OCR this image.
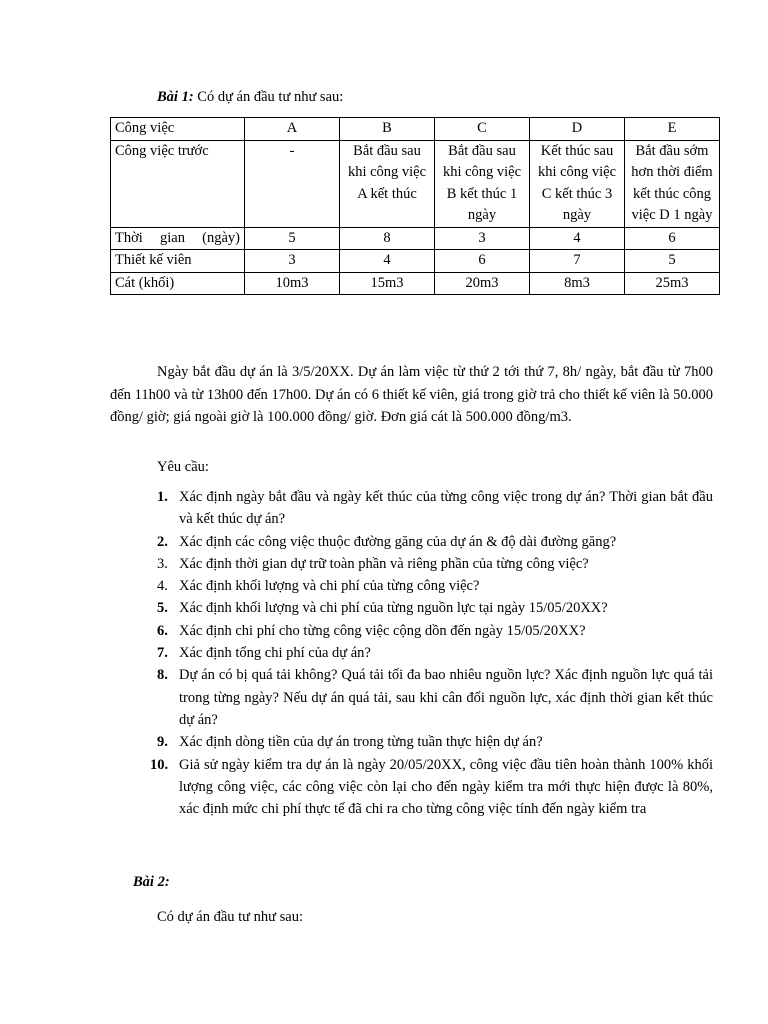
Bài 1: Có dự án đầu tư như sau:
Công việc	A	B	C	D	E
Công việc trước	-	Bắt đầu sau khi công việc A kết thúc	Bắt đầu sau khi công việc B kết thúc 1 ngày	Kết thúc sau khi công việc C kết thúc 3 ngày	Bắt đầu sớm hơn thời điểm kết thúc công việc D 1 ngày
Thời gian (ngày)	5	8	3	4	6
Thiết kế viên	3	4	6	7	5
Cát (khối)	10m3	15m3	20m3	8m3	25m3
Ngày bắt đầu dự án là 3/5/20XX. Dự án làm việc từ thứ 2 tới thứ 7, 8h/ ngày, bắt đầu từ 7h00 đến 11h00 và từ 13h00 đến 17h00. Dự án có 6 thiết kế viên, giá trong giờ trả cho thiết kế viên là 50.000 đồng/ giờ; giá ngoài giờ là 100.000 đồng/ giờ. Đơn giá cát là 500.000 đồng/m3.
Yêu cầu:
1. Xác định ngày bắt đầu và ngày kết thúc của từng công việc trong dự án? Thời gian bắt đầu và kết thúc dự án?
2. Xác định các công việc thuộc đường găng của dự án & độ dài đường găng?
3. Xác định thời gian dự trữ toàn phần và riêng phần của từng công việc?
4. Xác định khối lượng và chi phí của từng công việc?
5. Xác định khối lượng và chi phí của từng nguồn lực tại ngày 15/05/20XX?
6. Xác định chi phí cho từng công việc cộng dồn đến ngày 15/05/20XX?
7. Xác định tổng chi phí của dự án?
8. Dự án có bị quá tải không? Quá tải tối đa bao nhiêu nguồn lực? Xác định nguồn lực quá tải trong từng ngày? Nếu dự án quá tải, sau khi cân đối nguồn lực, xác định thời gian kết thúc dự án?
9. Xác định dòng tiền của dự án trong từng tuần thực hiện dự án?
10. Giả sử ngày kiểm tra dự án là ngày 20/05/20XX, công việc đầu tiên hoàn thành 100% khối lượng công việc, các công việc còn lại cho đến ngày kiểm tra mới thực hiện được là 80%, xác định mức chi phí thực tế đã chi ra cho từng công việc tính đến ngày kiểm tra
Bài 2:
Có dự án đầu tư như sau:
